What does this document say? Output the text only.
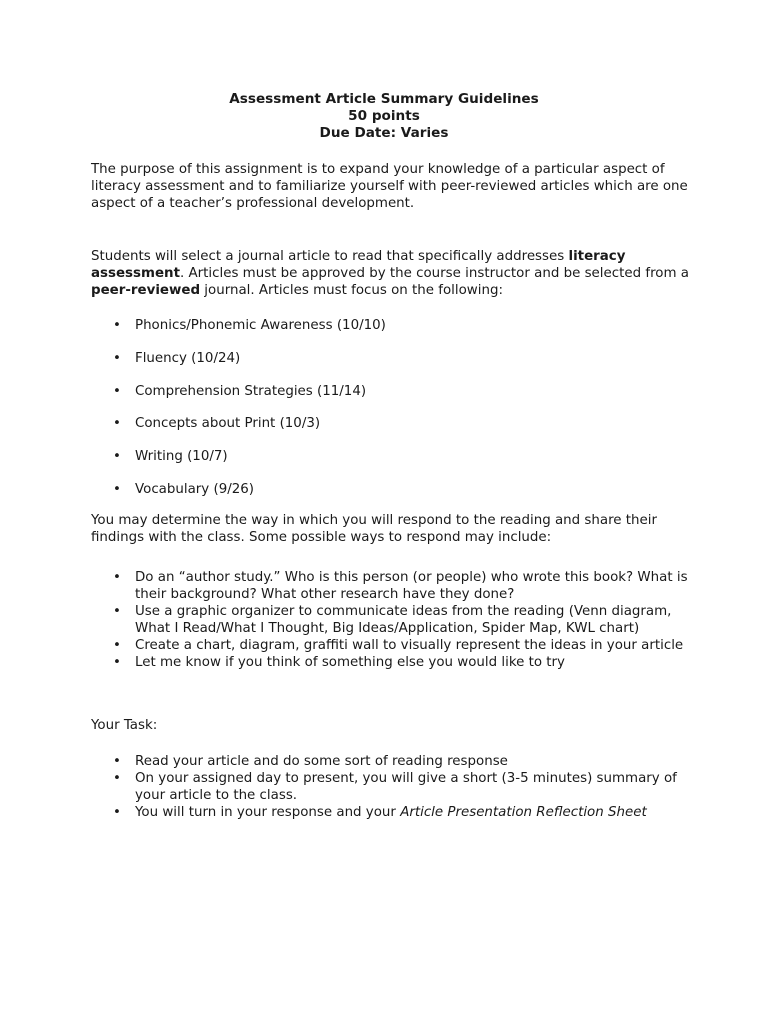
Assessment Article Summary Guidelines
50 points
Due Date: Varies

The purpose of this assignment is to expand your knowledge of a particular aspect of literacy assessment and to familiarize yourself with peer-reviewed articles which are one aspect of a teacher’s professional development.

Students will select a journal article to read that specifically addresses literacy assessment. Articles must be approved by the course instructor and be selected from a peer-reviewed journal. Articles must focus on the following:

• Phonics/Phonemic Awareness (10/10)
• Fluency (10/24)
• Comprehension Strategies (11/14)
• Concepts about Print (10/3)
• Writing (10/7)
• Vocabulary (9/26)

You may determine the way in which you will respond to the reading and share their findings with the class. Some possible ways to respond may include:

• Do an “author study.” Who is this person (or people) who wrote this book? What is their background? What other research have they done?
• Use a graphic organizer to communicate ideas from the reading (Venn diagram, What I Read/What I Thought, Big Ideas/Application, Spider Map, KWL chart)
• Create a chart, diagram, graffiti wall to visually represent the ideas in your article
• Let me know if you think of something else you would like to try

Your Task:

• Read your article and do some sort of reading response
• On your assigned day to present, you will give a short (3-5 minutes) summary of your article to the class.
• You will turn in your response and your Article Presentation Reflection Sheet
